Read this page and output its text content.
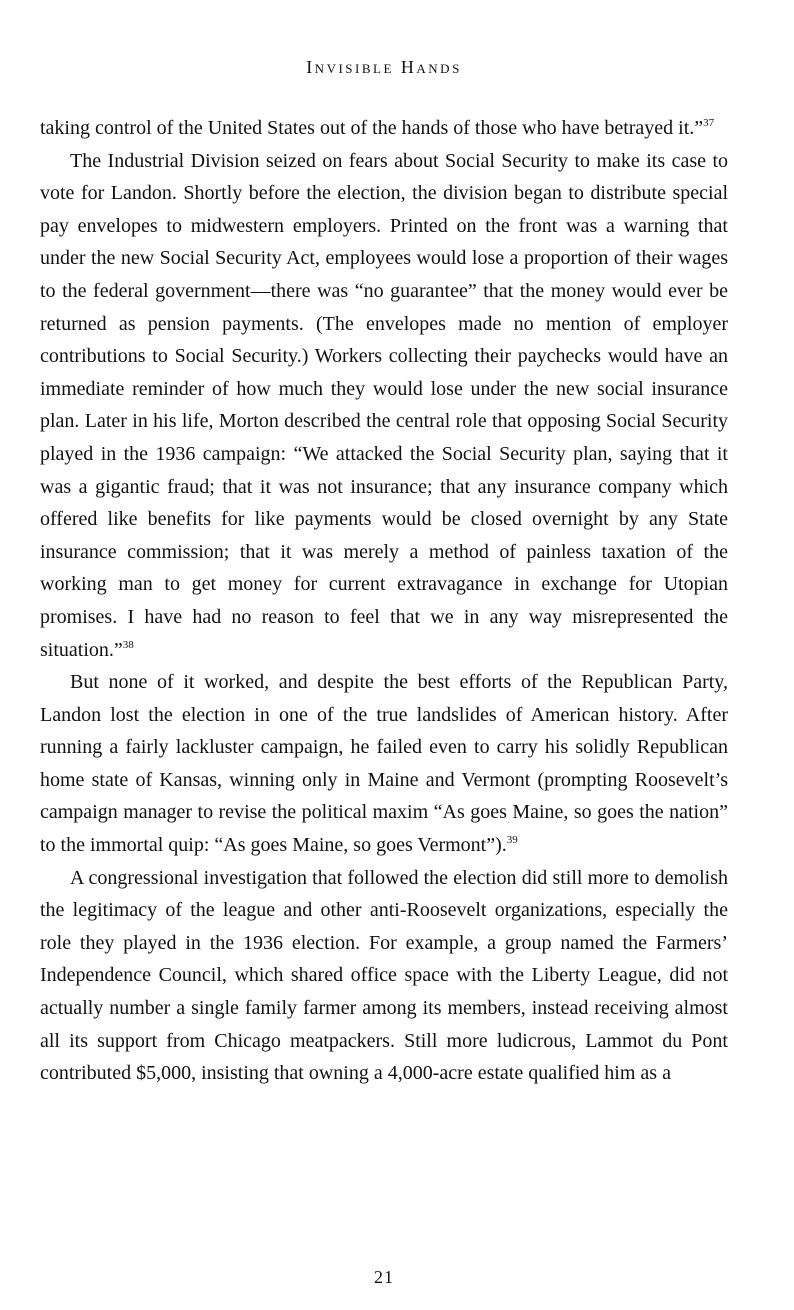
Invisible Hands

taking control of the United States out of the hands of those who have betrayed it.”$^{37}$

The Industrial Division seized on fears about Social Security to make its case to vote for Landon. Shortly before the election, the division began to distribute special pay envelopes to midwestern employers. Printed on the front was a warning that under the new Social Security Act, employees would lose a proportion of their wages to the federal government—there was “no guarantee” that the money would ever be returned as pension payments. (The envelopes made no mention of employer contributions to Social Security.) Workers collecting their paychecks would have an immediate reminder of how much they would lose under the new social insurance plan. Later in his life, Morton described the central role that opposing Social Security played in the 1936 campaign: “We attacked the Social Security plan, saying that it was a gigantic fraud; that it was not insurance; that any insurance company which offered like benefits for like payments would be closed overnight by any State insurance commission; that it was merely a method of painless taxation of the working man to get money for current extravagance in exchange for Utopian promises. I have had no reason to feel that we in any way misrepresented the situation.”$^{38}$

But none of it worked, and despite the best efforts of the Republican Party, Landon lost the election in one of the true landslides of American history. After running a fairly lackluster campaign, he failed even to carry his solidly Republican home state of Kansas, winning only in Maine and Vermont (prompting Roosevelt’s campaign manager to revise the political maxim “As goes Maine, so goes the nation” to the immortal quip: “As goes Maine, so goes Vermont”).$^{39}$

A congressional investigation that followed the election did still more to demolish the legitimacy of the league and other anti-Roosevelt organizations, especially the role they played in the 1936 election. For example, a group named the Farmers’ Independence Council, which shared office space with the Liberty League, did not actually number a single family farmer among its members, instead receiving almost all its support from Chicago meatpackers. Still more ludicrous, Lammot du Pont contributed $5,000, insisting that owning a 4,000-acre estate qualified him as a

21
